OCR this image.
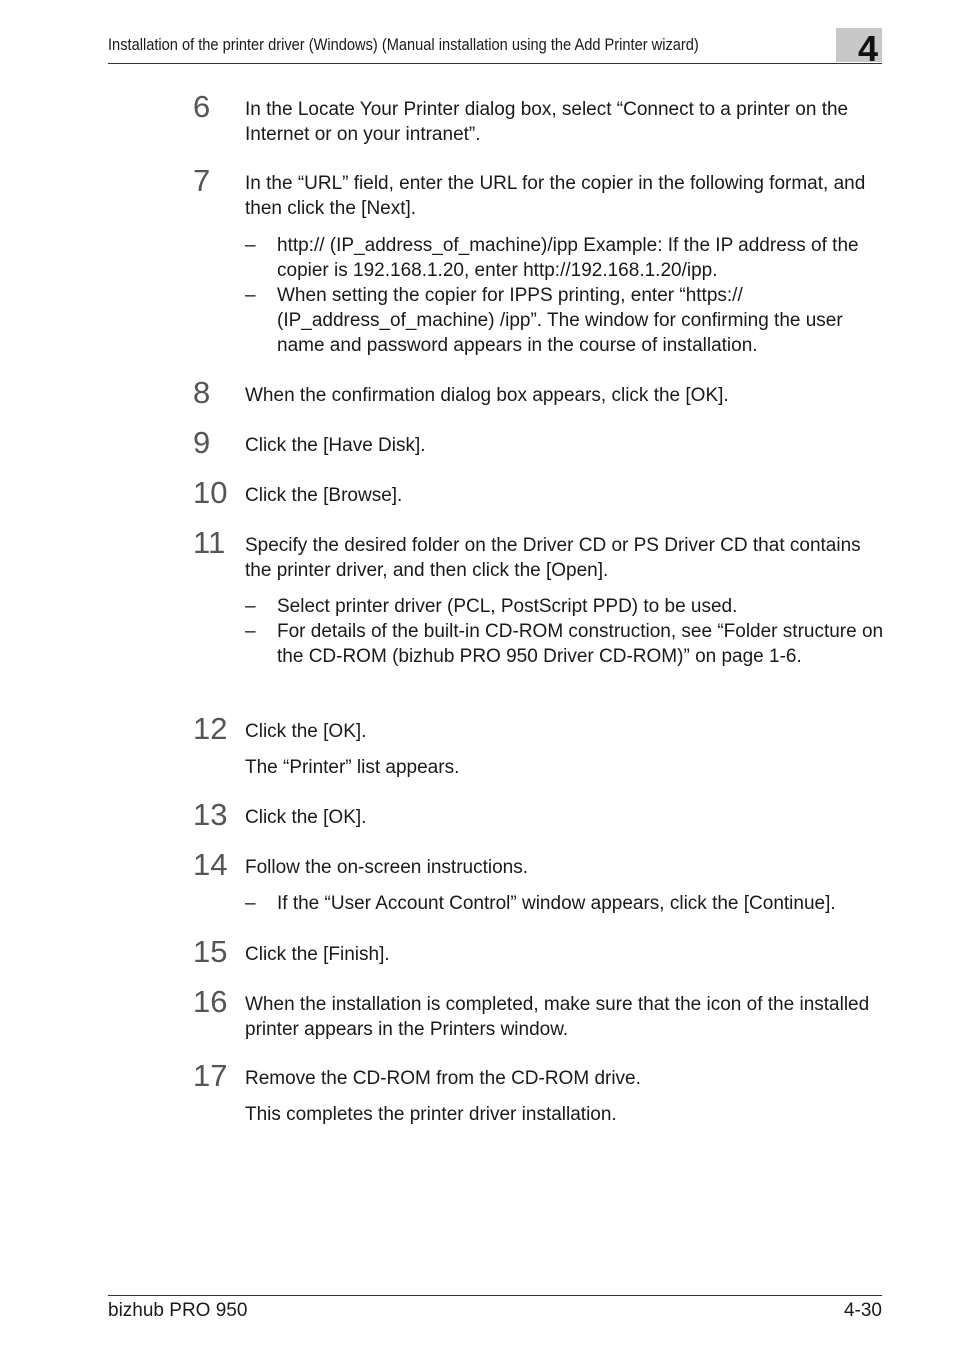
Installation of the printer driver (Windows) (Manual installation using the Add Printer wizard)	4
6 In the Locate Your Printer dialog box, select “Connect to a printer on the Internet or on your intranet”.
7 In the “URL” field, enter the URL for the copier in the following format, and then click the [Next].
– http:// (IP_address_of_machine)/ipp Example: If the IP address of the copier is 192.168.1.20, enter http://192.168.1.20/ipp.
– When setting the copier for IPPS printing, enter “https:// (IP_address_of_machine) /ipp”. The window for confirming the user name and password appears in the course of installation.
8 When the confirmation dialog box appears, click the [OK].
9 Click the [Have Disk].
10 Click the [Browse].
11 Specify the desired folder on the Driver CD or PS Driver CD that contains the printer driver, and then click the [Open].
– Select printer driver (PCL, PostScript PPD) to be used.
– For details of the built-in CD-ROM construction, see “Folder structure on the CD-ROM (bizhub PRO 950 Driver CD-ROM)” on page 1-6.
12 Click the [OK].
The “Printer” list appears.
13 Click the [OK].
14 Follow the on-screen instructions.
– If the “User Account Control” window appears, click the [Continue].
15 Click the [Finish].
16 When the installation is completed, make sure that the icon of the installed printer appears in the Printers window.
17 Remove the CD-ROM from the CD-ROM drive.
This completes the printer driver installation.
bizhub PRO 950	4-30
